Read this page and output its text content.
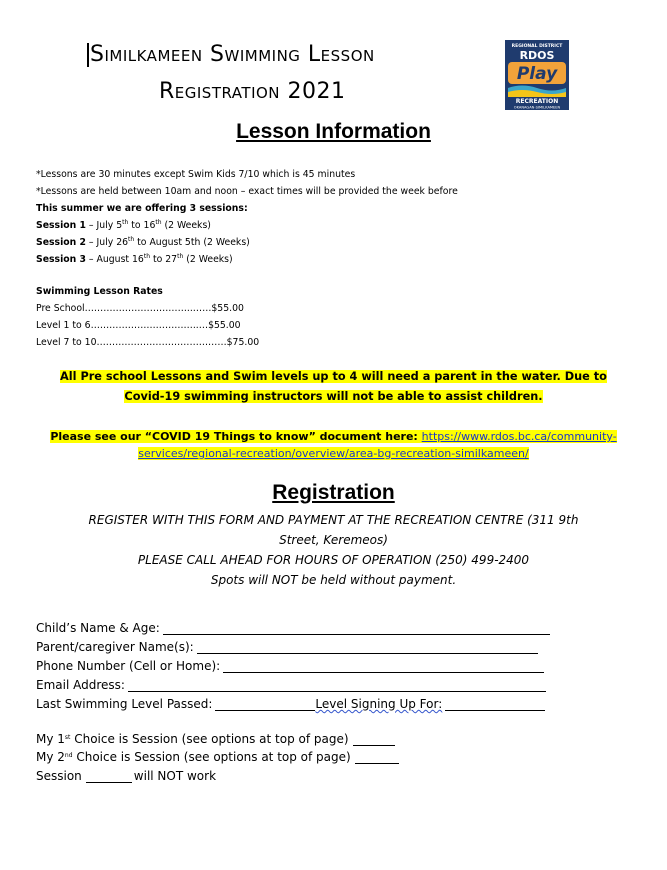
Similkameen Swimming Lesson
Registration 2021
REGIONAL DISTRICT
RDOS
Play
RECREATION
OKANAGAN-SIMILKAMEEN
Lesson Information
*Lessons are 30 minutes except Swim Kids 7/10 which is 45 minutes
*Lessons are held between 10am and noon – exact times will be provided the week before
This summer we are offering 3 sessions:
Session 1 – July 5th to 16th (2 Weeks)
Session 2 – July 26th to August 5th (2 Weeks)
Session 3 – August 16th to 27th (2 Weeks)
Swimming Lesson Rates
Pre School……………………………..……$55.00
Level 1 to 6……………………………..…$55.00
Level 7 to 10……………………………………$75.00
All Pre school Lessons and Swim levels up to 4 will need a parent in the water. Due to
Covid-19 swimming instructors will not be able to assist children.
Please see our “COVID 19 Things to know” document here: https://www.rdos.bc.ca/community-
services/regional-recreation/overview/area-bg-recreation-similkameen/
Registration
REGISTER WITH THIS FORM AND PAYMENT AT THE RECREATION CENTRE (311 9th
Street, Keremeos)
PLEASE CALL AHEAD FOR HOURS OF OPERATION (250) 499-2400
Spots will NOT be held without payment.
Child’s Name & Age:
Parent/caregiver Name(s):
Phone Number (Cell or Home):
Email Address:
Last Swimming Level Passed:	Level Signing Up For:
My 1st Choice is Session (see options at top of page)
My 2nd Choice is Session (see options at top of page)
Session	will NOT work
